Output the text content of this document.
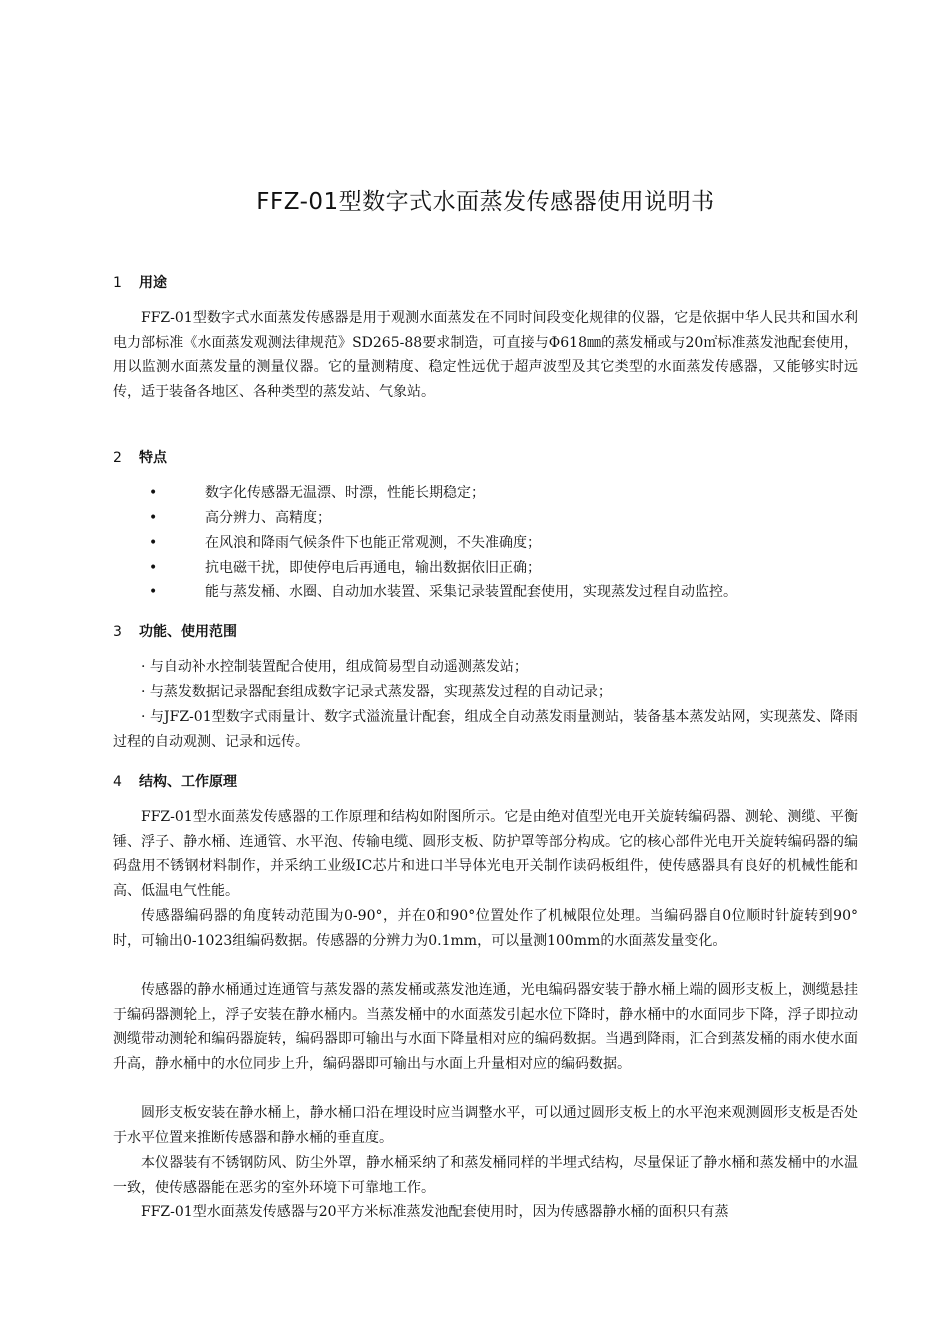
FFZ-01型数字式水面蒸发传感器使用说明书
1 用途

FFZ-01型数字式水面蒸发传感器是用于观测水面蒸发在不同时间段变化规律的仪器，它是依据中华人民共和国水利电力部标准《水面蒸发观测法律规范》SD265-88要求制造，可直接与Φ618㎜的蒸发桶或与20㎡标准蒸发池配套使用，用以监测水面蒸发量的测量仪器。它的量测精度、稳定性远优于超声波型及其它类型的水面蒸发传感器，又能够实时远传，适于装备各地区、各种类型的蒸发站、气象站。

2 特点
•	数字化传感器无温漂、时漂，性能长期稳定；
•	高分辨力、高精度；
•	在风浪和降雨气候条件下也能正常观测，不失准确度；
•	抗电磁干扰，即使停电后再通电，输出数据依旧正确；
•	能与蒸发桶、水圈、自动加水装置、采集记录装置配套使用，实现蒸发过程自动监控。
3 功能、使用范围

· 与自动补水控制装置配合使用，组成简易型自动遥测蒸发站；

· 与蒸发数据记录器配套组成数字记录式蒸发器，实现蒸发过程的自动记录；

· 与JFZ-01型数字式雨量计、数字式溢流量计配套，组成全自动蒸发雨量测站，装备基本蒸发站网，实现蒸发、降雨过程的自动观测、记录和远传。

4 结构、工作原理

FFZ-01型水面蒸发传感器的工作原理和结构如附图所示。它是由绝对值型光电开关旋转编码器、测轮、测缆、平衡锤、浮子、静水桶、连通管、水平泡、传输电缆、圆形支板、防护罩等部分构成。它的核心部件光电开关旋转编码器的编码盘用不锈钢材料制作，并采纳工业级IC芯片和进口半导体光电开关制作读码板组件，使传感器具有良好的机械性能和高、低温电气性能。

传感器编码器的角度转动范围为0-90°，并在0和90°位置处作了机械限位处理。当编码器自0位顺时针旋转到90°时，可输出0-1023组编码数据。传感器的分辨力为0.1mm，可以量测100mm的水面蒸发量变化。

传感器的静水桶通过连通管与蒸发器的蒸发桶或蒸发池连通，光电编码器安装于静水桶上端的圆形支板上，测缆悬挂于编码器测轮上，浮子安装在静水桶内。当蒸发桶中的水面蒸发引起水位下降时，静水桶中的水面同步下降，浮子即拉动测缆带动测轮和编码器旋转，编码器即可输出与水面下降量相对应的编码数据。当遇到降雨，汇合到蒸发桶的雨水使水面升高，静水桶中的水位同步上升，编码器即可输出与水面上升量相对应的编码数据。

圆形支板安装在静水桶上，静水桶口沿在埋设时应当调整水平，可以通过圆形支板上的水平泡来观测圆形支板是否处于水平位置来推断传感器和静水桶的垂直度。

本仪器装有不锈钢防风、防尘外罩，静水桶采纳了和蒸发桶同样的半埋式结构，尽量保证了静水桶和蒸发桶中的水温一致，使传感器能在恶劣的室外环境下可靠地工作。

FFZ-01型水面蒸发传感器与20平方米标准蒸发池配套使用时，因为传感器静水桶的面积只有蒸
